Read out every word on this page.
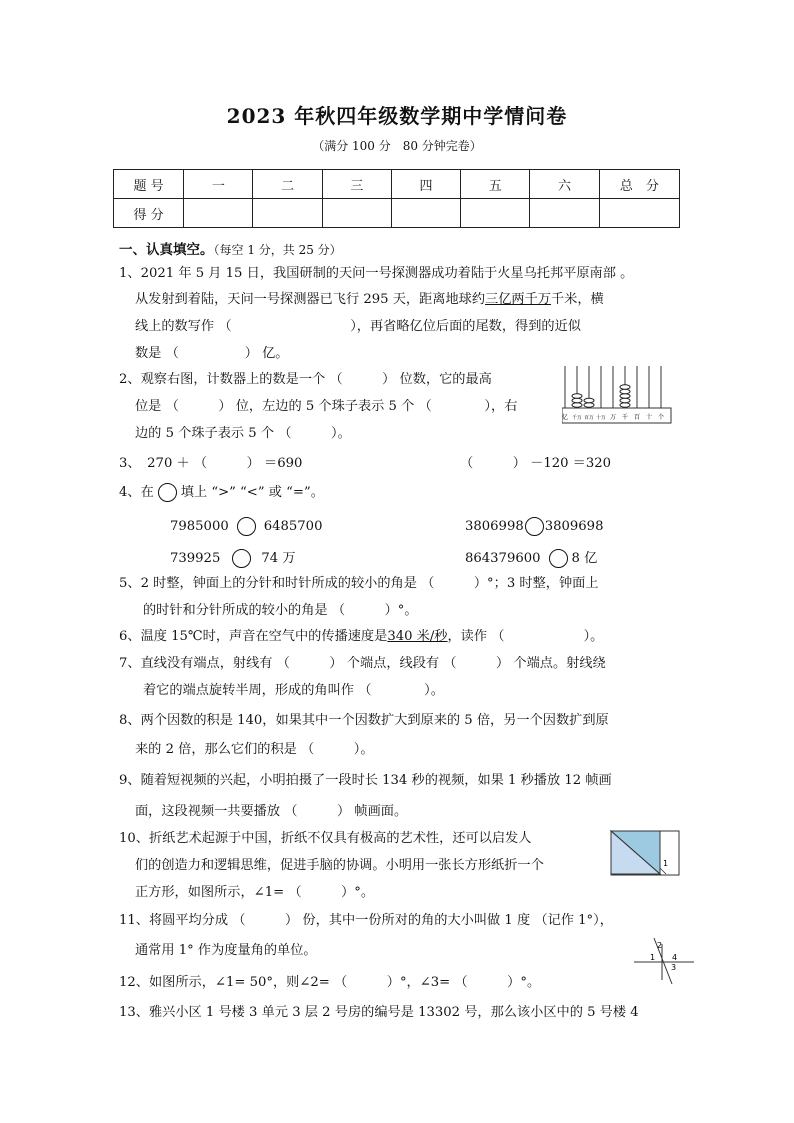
2023 年秋四年级数学期中学情问卷
（满分 100 分　80 分钟完卷）
题 号	一	二	三	四	五	六	总　分
得 分							
一、认真填空。（每空 1 分，共 25 分）
1、2021 年 5 月 15 日，我国研制的天问一号探测器成功着陆于火星乌托邦平原南部 。
从发射到着陆，天问一号探测器已飞行 295 天，距离地球约三亿两千万千米，横
线上的数写作 （　　　　　　　　　），再省略亿位后面的尾数，得到的近似
数是 （　　　　　） 亿。
2、观察右图，计数器上的数是一个 （　　　） 位数，它的最高
位是 （　　　） 位，左边的 5 个珠子表示 5 个 （　　　　），右
边的 5 个珠子表示 5 个 （　　　）。
亿 千万 百万 十万 万 千 百 十 个
3、　270 ＋ （　　　） ＝690	（　　　） －120 ＝320
4、在 填上 “>” “<” 或 “=”。
7985000	6485700	3806998 3809698
739925	74 万	864379600 8 亿
5、2 时整，钟面上的分针和时针所成的较小的角是 （　　　）°；3 时整，钟面上
的时针和分针所成的较小的角是 （　　　）°。
6、温度 15℃时，声音在空气中的传播速度是340 米/秒，读作 （　　　　　　）。
7、直线没有端点，射线有 （　　　） 个端点，线段有 （　　　） 个端点。射线绕
着它的端点旋转半周，形成的角叫作 （　　　　）。
8、两个因数的积是 140，如果其中一个因数扩大到原来的 5 倍，另一个因数扩到原
来的 2 倍，那么它们的积是 （　　　）。
9、随着短视频的兴起，小明拍摄了一段时长 134 秒的视频，如果 1 秒播放 12 帧画
面，这段视频一共要播放 （　　　） 帧画面。
10、折纸艺术起源于中国，折纸不仅具有极高的艺术性，还可以启发人
们的创造力和逻辑思维，促进手脑的协调。小明用一张长方形纸折一个
正方形，如图所示，∠1= （　　　）°。
1
11、将圆平均分成 （　　　） 份，其中一份所对的角的大小叫做 1 度 （记作 1°），
通常用 1° 作为度量角的单位。	1
2
3
4
12、如图所示，∠1= 50°，则∠2= （　　　）°，∠3= （　　　）°。
13、雅兴小区 1 号楼 3 单元 3 层 2 号房的编号是 13302 号，那么该小区中的 5 号楼 4
